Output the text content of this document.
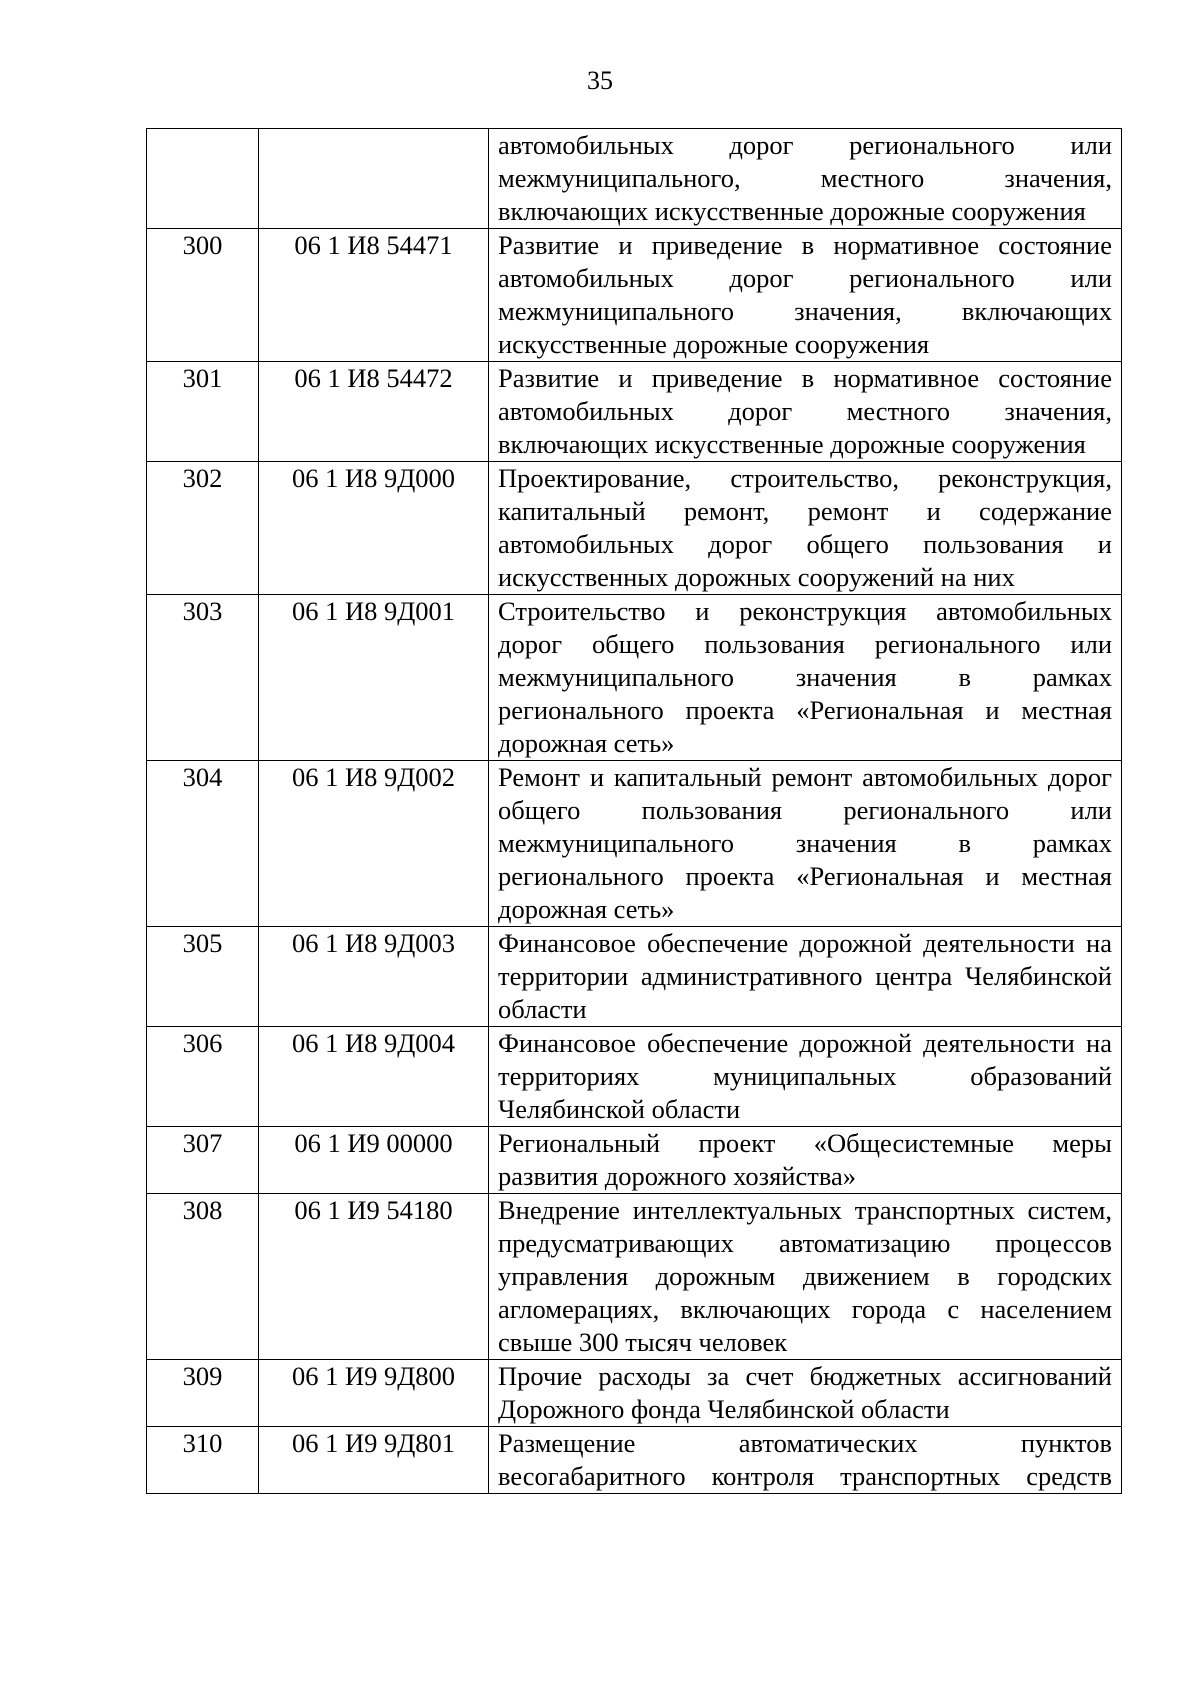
35
		автомобильных дорог регионального или межмуниципального, местного значения, включающих искусственные дорожные сооружения
300	06 1 И8 54471	Развитие и приведение в нормативное состояние автомобильных дорог регионального или межмуниципального значения, включающих искусственные дорожные сооружения
301	06 1 И8 54472	Развитие и приведение в нормативное состояние автомобильных дорог местного значения, включающих искусственные дорожные сооружения
302	06 1 И8 9Д000	Проектирование, строительство, реконструкция, капитальный ремонт, ремонт и содержание автомобильных дорог общего пользования и искусственных дорожных сооружений на них
303	06 1 И8 9Д001	Строительство и реконструкция автомобильных дорог общего пользования регионального или межмуниципального значения в рамках регионального проекта «Региональная и местная дорожная сеть»
304	06 1 И8 9Д002	Ремонт и капитальный ремонт автомобильных дорог общего пользования регионального или межмуниципального значения в рамках регионального проекта «Региональная и местная дорожная сеть»
305	06 1 И8 9Д003	Финансовое обеспечение дорожной деятельности на территории административного центра Челябинской области
306	06 1 И8 9Д004	Финансовое обеспечение дорожной деятельности на территориях муниципальных образований Челябинской области
307	06 1 И9 00000	Региональный проект «Общесистемные меры развития дорожного хозяйства»
308	06 1 И9 54180	Внедрение интеллектуальных транспортных систем, предусматривающих автоматизацию процессов управления дорожным движением в городских агломерациях, включающих города с населением свыше 300 тысяч человек
309	06 1 И9 9Д800	Прочие расходы за счет бюджетных ассигнований Дорожного фонда Челябинской области
310	06 1 И9 9Д801	Размещение автоматических пунктов весогабаритного контроля транспортных средств
